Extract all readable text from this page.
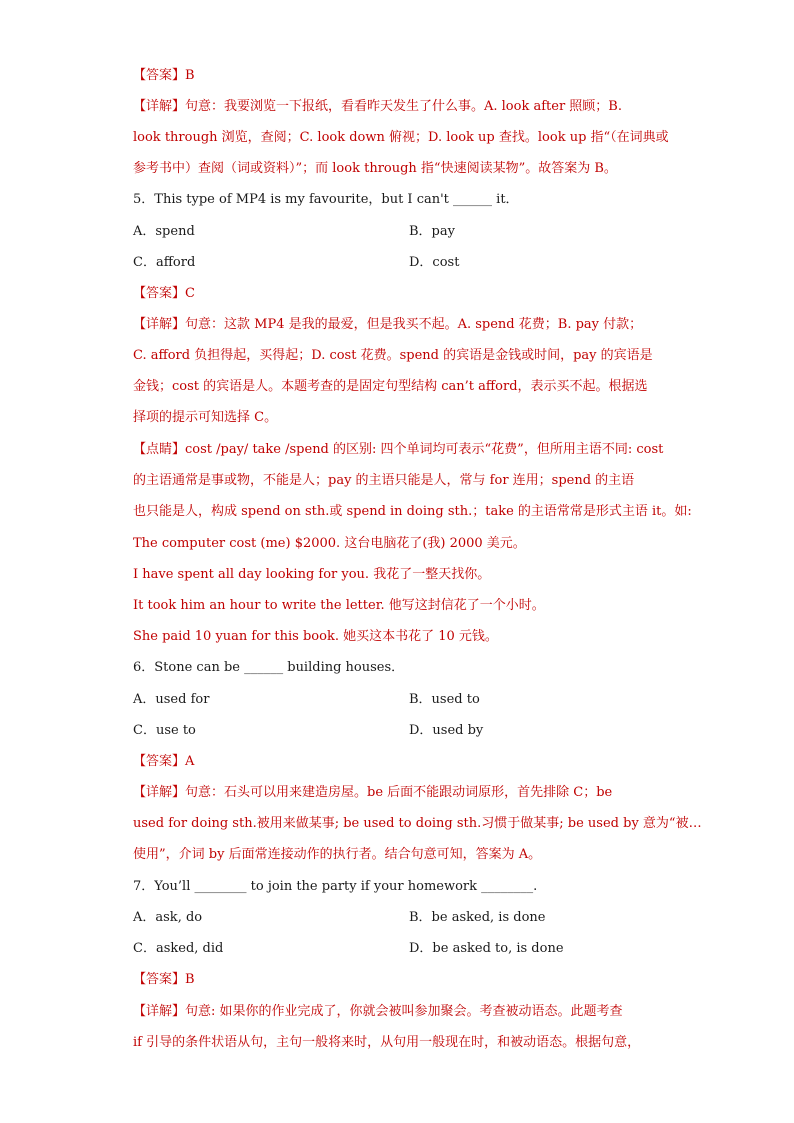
【答案】B
【详解】句意：我要浏览一下报纸，看看昨天发生了什么事。A. look after 照顾；B.
look through 浏览，查阅；C. look down 俯视；D. look up 查找。look up 指“（在词典或
参考书中）查阅（词或资料）”；而 look through 指“快速阅读某物”。故答案为 B。
5．This type of MP4 is my favourite，but I can't ______ it．
A．spend	B．pay
C．afford	D．cost
【答案】C
【详解】句意：这款 MP4 是我的最爱，但是我买不起。A. spend 花费；B. pay 付款；
C. afford 负担得起，买得起；D. cost 花费。spend 的宾语是金钱或时间，pay 的宾语是
金钱；cost 的宾语是人。本题考查的是固定句型结构 can’t afford，表示买不起。根据选
择项的提示可知选择 C。
【点睛】cost /pay/ take /spend 的区别: 四个单词均可表示“花费”，但所用主语不同: cost
的主语通常是事或物，不能是人；pay 的主语只能是人，常与 for 连用；spend 的主语
也只能是人，构成 spend on sth.或 spend in doing sth.；take 的主语常常是形式主语 it。如:
The computer cost (me) $2000. 这台电脑花了(我) 2000 美元。
I have spent all day looking for you. 我花了一整天找你。
It took him an hour to write the letter. 他写这封信花了一个小时。
She paid 10 yuan for this book. 她买这本书花了 10 元钱。
6．Stone can be ______ building houses．
A．used for	B．used to
C．use to	D．used by
【答案】A
【详解】句意：石头可以用来建造房屋。be 后面不能跟动词原形，首先排除 C；be
used for doing sth.被用来做某事; be used to doing sth.习惯于做某事; be used by 意为“被…
使用”，介词 by 后面常连接动作的执行者。结合句意可知，答案为 A。
7．You’ll ________ to join the party if your homework ________.
A．ask, do	B．be asked, is done
C．asked, did	D．be asked to, is done
【答案】B
【详解】句意: 如果你的作业完成了，你就会被叫参加聚会。考查被动语态。此题考查
if 引导的条件状语从句，主句一般将来时，从句用一般现在时，和被动语态。根据句意，
